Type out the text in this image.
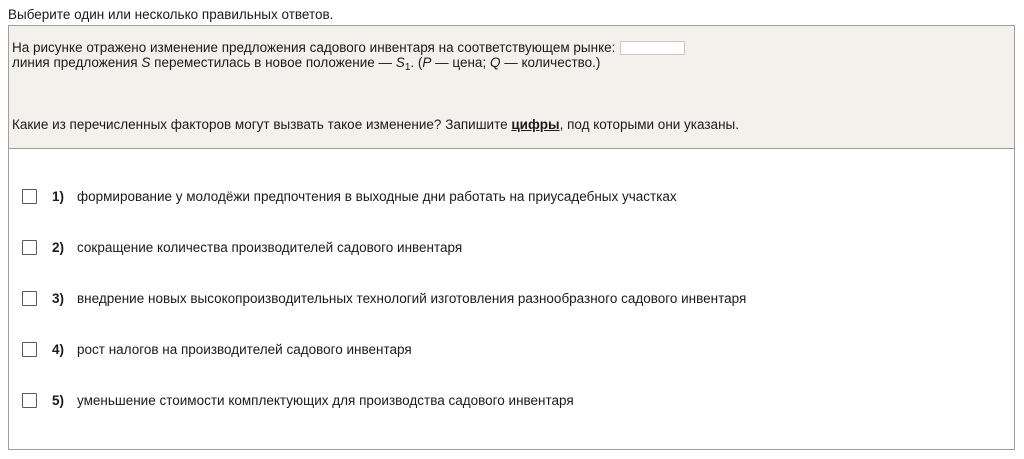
Выберите один или несколько правильных ответов.
На рисунке отражено изменение предложения садового инвентаря на соответствующем рынке:
линия предложения S переместилась в новое положение — $S_1$. (P — цена; Q — количество.)
Какие из перечисленных факторов могут вызвать такое изменение? Запишите цифры, под которыми они указаны.
1) формирование у молодёжи предпочтения в выходные дни работать на приусадебных участках
2) сокращение количества производителей садового инвентаря
3) внедрение новых высокопроизводительных технологий изготовления разнообразного садового инвентаря
4) рост налогов на производителей садового инвентаря
5) уменьшение стоимости комплектующих для производства садового инвентаря
